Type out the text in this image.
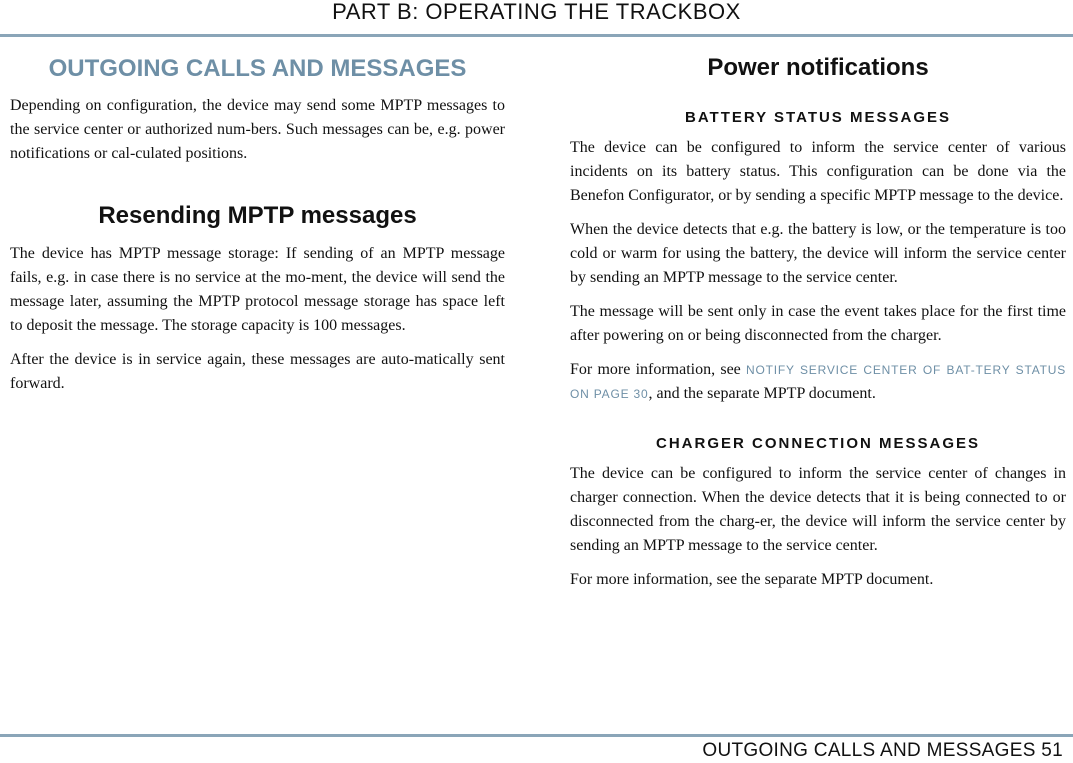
PART B: OPERATING THE TRACKBOX
OUTGOING CALLS AND MESSAGES

Depending on configuration, the device may send some MPTP messages to the service center or authorized num-bers. Such messages can be, e.g. power notifications or cal-culated positions.

Resending MPTP messages

The device has MPTP message storage: If sending of an MPTP message fails, e.g. in case there is no service at the mo-ment, the device will send the message later, assuming the MPTP protocol message storage has space left to deposit the message. The storage capacity is 100 messages.

After the device is in service again, these messages are auto-matically sent forward.

Power notifications
BATTERY STATUS MESSAGES

The device can be configured to inform the service center of various incidents on its battery status. This configuration can be done via the Benefon Configurator, or by sending a specific MPTP message to the device.

When the device detects that e.g. the battery is low, or the temperature is too cold or warm for using the battery, the device will inform the service center by sending an MPTP message to the service center.

The message will be sent only in case the event takes place for the first time after powering on or being disconnected from the charger.

For more information, see NOTIFY SERVICE CENTER OF BAT-TERY STATUS ON PAGE 30, and the separate MPTP document.

CHARGER CONNECTION MESSAGES

The device can be configured to inform the service center of changes in charger connection. When the device detects that it is being connected to or disconnected from the charg-er, the device will inform the service center by sending an MPTP message to the service center.

For more information, see the separate MPTP document.

OUTGOING CALLS AND MESSAGES 51
